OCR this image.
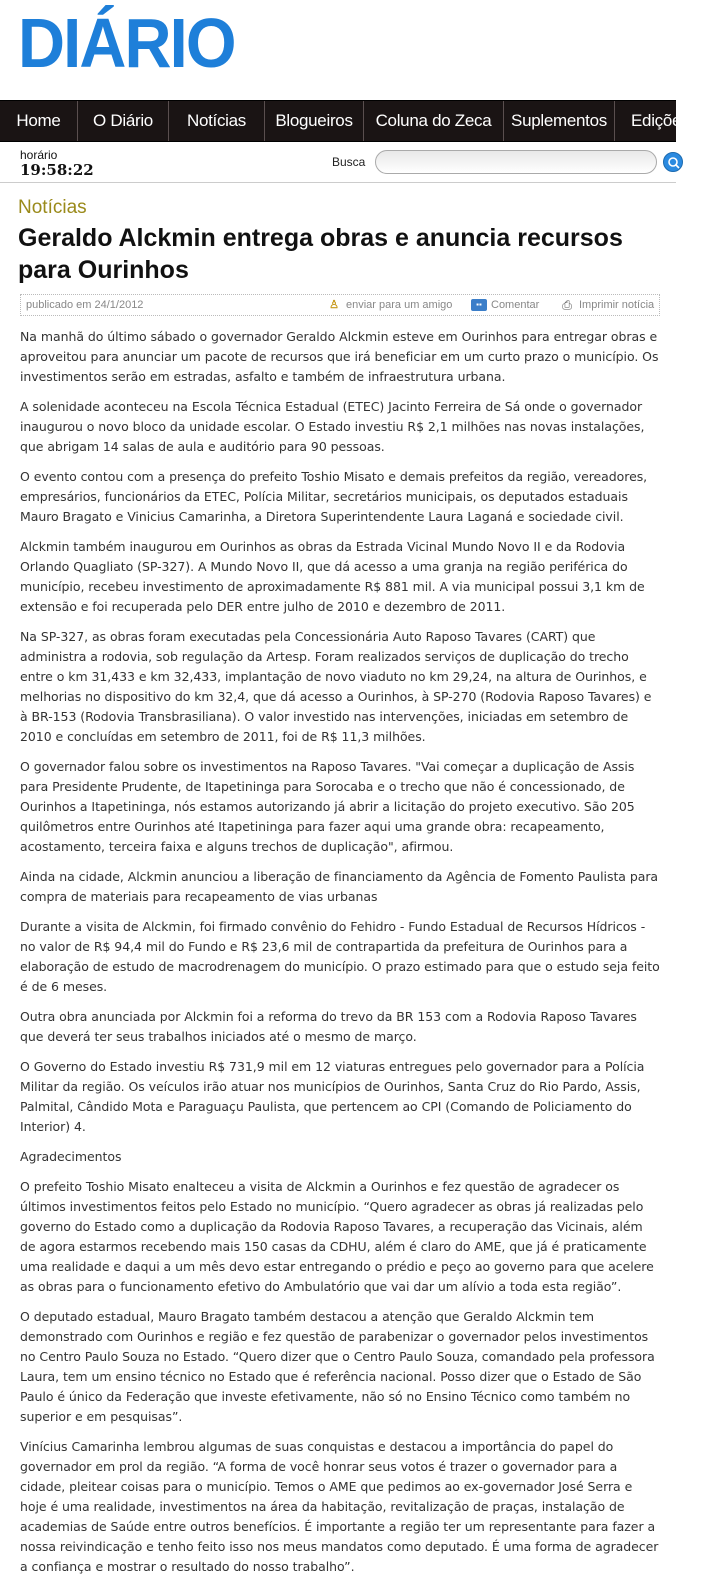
DIÁRIO
Home	O Diário	Notícias	Blogueiros	Coluna do Zeca	Suplementos	Edições
horário
19:58:22	Busca
Notícias
Geraldo Alckmin entrega obras e anuncia recursos para Ourinhos
publicado em 24/1/2012	♙ enviar para um amigo	▪▪ Comentar ⎙ Imprimir notícia

Na manhã do último sábado o governador Geraldo Alckmin esteve em Ourinhos para entregar obras e aproveitou para anunciar um pacote de recursos que irá beneficiar em um curto prazo o município. Os investimentos serão em estradas, asfalto e também de infraestrutura urbana.

A solenidade aconteceu na Escola Técnica Estadual (ETEC) Jacinto Ferreira de Sá onde o governador inaugurou o novo bloco da unidade escolar. O Estado investiu R$ 2,1 milhões nas novas instalações, que abrigam 14 salas de aula e auditório para 90 pessoas.

O evento contou com a presença do prefeito Toshio Misato e demais prefeitos da região, vereadores, empresários, funcionários da ETEC, Polícia Militar, secretários municipais, os deputados estaduais Mauro Bragato e Vinicius Camarinha, a Diretora Superintendente Laura Laganá e sociedade civil.

Alckmin também inaugurou em Ourinhos as obras da Estrada Vicinal Mundo Novo II e da Rodovia Orlando Quagliato (SP-327). A Mundo Novo II, que dá acesso a uma granja na região periférica do município, recebeu investimento de aproximadamente R$ 881 mil. A via municipal possui 3,1 km de extensão e foi recuperada pelo DER entre julho de 2010 e dezembro de 2011.

Na SP-327, as obras foram executadas pela Concessionária Auto Raposo Tavares (CART) que administra a rodovia, sob regulação da Artesp. Foram realizados serviços de duplicação do trecho entre o km 31,433 e km 32,433, implantação de novo viaduto no km 29,24, na altura de Ourinhos, e melhorias no dispositivo do km 32,4, que dá acesso a Ourinhos, à SP-270 (Rodovia Raposo Tavares) e à BR-153 (Rodovia Transbrasiliana). O valor investido nas intervenções, iniciadas em setembro de 2010 e concluídas em setembro de 2011, foi de R$ 11,3 milhões.

O governador falou sobre os investimentos na Raposo Tavares. "Vai começar a duplicação de Assis para Presidente Prudente, de Itapetininga para Sorocaba e o trecho que não é concessionado, de Ourinhos a Itapetininga, nós estamos autorizando já abrir a licitação do projeto executivo. São 205 quilômetros entre Ourinhos até Itapetininga para fazer aqui uma grande obra: recapeamento, acostamento, terceira faixa e alguns trechos de duplicação", afirmou.

Ainda na cidade, Alckmin anunciou a liberação de financiamento da Agência de Fomento Paulista para compra de materiais para recapeamento de vias urbanas

Durante a visita de Alckmin, foi firmado convênio do Fehidro - Fundo Estadual de Recursos Hídricos - no valor de R$ 94,4 mil do Fundo e R$ 23,6 mil de contrapartida da prefeitura de Ourinhos para a elaboração de estudo de macrodrenagem do município. O prazo estimado para que o estudo seja feito é de 6 meses.

Outra obra anunciada por Alckmin foi a reforma do trevo da BR 153 com a Rodovia Raposo Tavares que deverá ter seus trabalhos iniciados até o mesmo de março.

O Governo do Estado investiu R$ 731,9 mil em 12 viaturas entregues pelo governador para a Polícia Militar da região. Os veículos irão atuar nos municípios de Ourinhos, Santa Cruz do Rio Pardo, Assis, Palmital, Cândido Mota e Paraguaçu Paulista, que pertencem ao CPI (Comando de Policiamento do Interior) 4.

Agradecimentos

O prefeito Toshio Misato enalteceu a visita de Alckmin a Ourinhos e fez questão de agradecer os últimos investimentos feitos pelo Estado no município. “Quero agradecer as obras já realizadas pelo governo do Estado como a duplicação da Rodovia Raposo Tavares, a recuperação das Vicinais, além de agora estarmos recebendo mais 150 casas da CDHU, além é claro do AME, que já é praticamente uma realidade e daqui a um mês devo estar entregando o prédio e peço ao governo para que acelere as obras para o funcionamento efetivo do Ambulatório que vai dar um alívio a toda esta região”.

O deputado estadual, Mauro Bragato também destacou a atenção que Geraldo Alckmin tem demonstrado com Ourinhos e região e fez questão de parabenizar o governador pelos investimentos no Centro Paulo Souza no Estado. “Quero dizer que o Centro Paulo Souza, comandado pela professora Laura, tem um ensino técnico no Estado que é referência nacional. Posso dizer que o Estado de São Paulo é único da Federação que investe efetivamente, não só no Ensino Técnico como também no superior e em pesquisas”.

Vinícius Camarinha lembrou algumas de suas conquistas e destacou a importância do papel do governador em prol da região. “A forma de você honrar seus votos é trazer o governador para a cidade, pleitear coisas para o município. Temos o AME que pedimos ao ex-governador José Serra e hoje é uma realidade, investimentos na área da habitação, revitalização de praças, instalação de academias de Saúde entre outros benefícios. É importante a região ter um representante para fazer a nossa reivindicação e tenho feito isso nos meus mandatos como deputado. É uma forma de agradecer a confiança e mostrar o resultado do nosso trabalho”.
